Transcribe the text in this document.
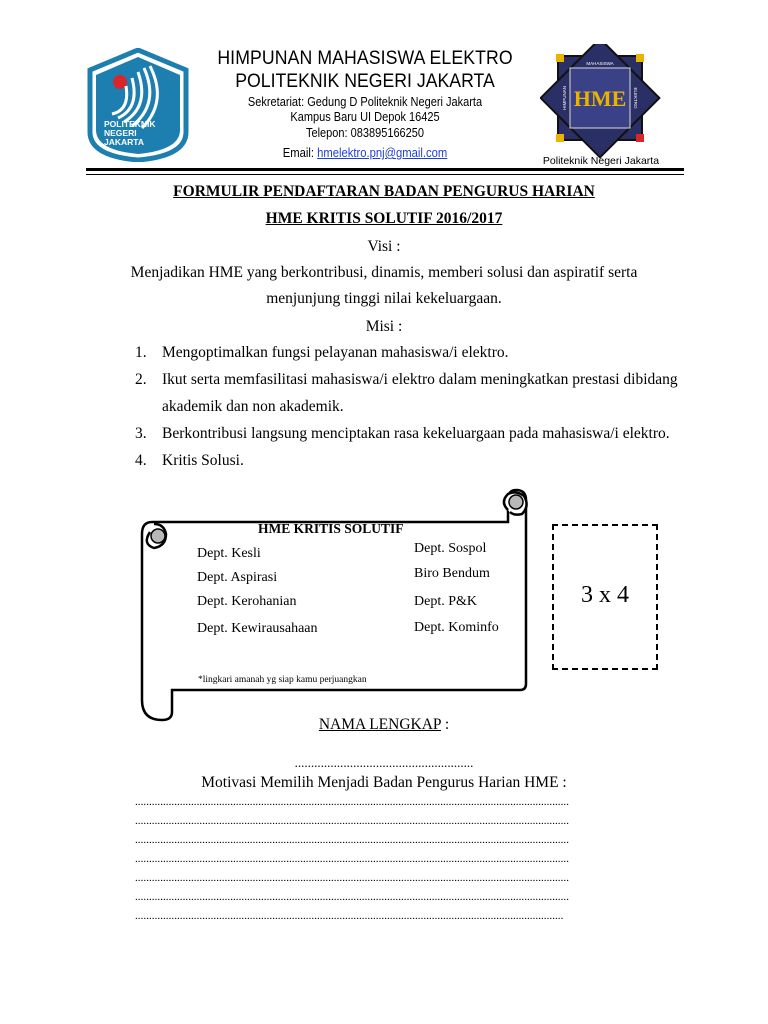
POLITEKNIK
NEGERI
JAKARTA
HIMPUNAN MAHASISWA ELEKTRO
POLITEKNIK NEGERI JAKARTA
Sekretariat: Gedung D Politeknik Negeri Jakarta
Kampus Baru UI Depok 16425
Telepon: 083895166250
Email: hmelektro.pnj@gmail.com
MAHASISWA
ELEKTRO
HIMPUNAN HME
Politeknik Negeri Jakarta
FORMULIR PENDAFTARAN BADAN PENGURUS HARIAN
HME KRITIS SOLUTIF 2016/2017
Visi :
Menjadikan HME yang berkontribusi, dinamis, memberi solusi dan aspiratif serta
menjunjung tinggi nilai kekeluargaan.
Misi :
1. Mengoptimalkan fungsi pelayanan mahasiswa/i elektro.
2. Ikut serta memfasilitasi mahasiswa/i elektro dalam meningkatkan prestasi dibidang
akademik dan non akademik.
3. Berkontribusi langsung menciptakan rasa kekeluargaan pada mahasiswa/i elektro.
4. Kritis Solusi.
HME KRITIS SOLUTIF
Dept. Kesli
Dept. Aspirasi
Dept. Kerohanian
Dept. Kewirausahaan
Dept. Sospol
Biro Bendum
Dept. P&K
Dept. Kominfo
*lingkari amanah yg siap kamu perjuangkan
3 x 4
NAMA LENGKAP :
.......................................................
Motivasi Memilih Menjadi Badan Pengurus Harian HME :
...........................................................................................................................................................
...........................................................................................................................................................
...........................................................................................................................................................
...........................................................................................................................................................
...........................................................................................................................................................
...........................................................................................................................................................
.........................................................................................................................................................
